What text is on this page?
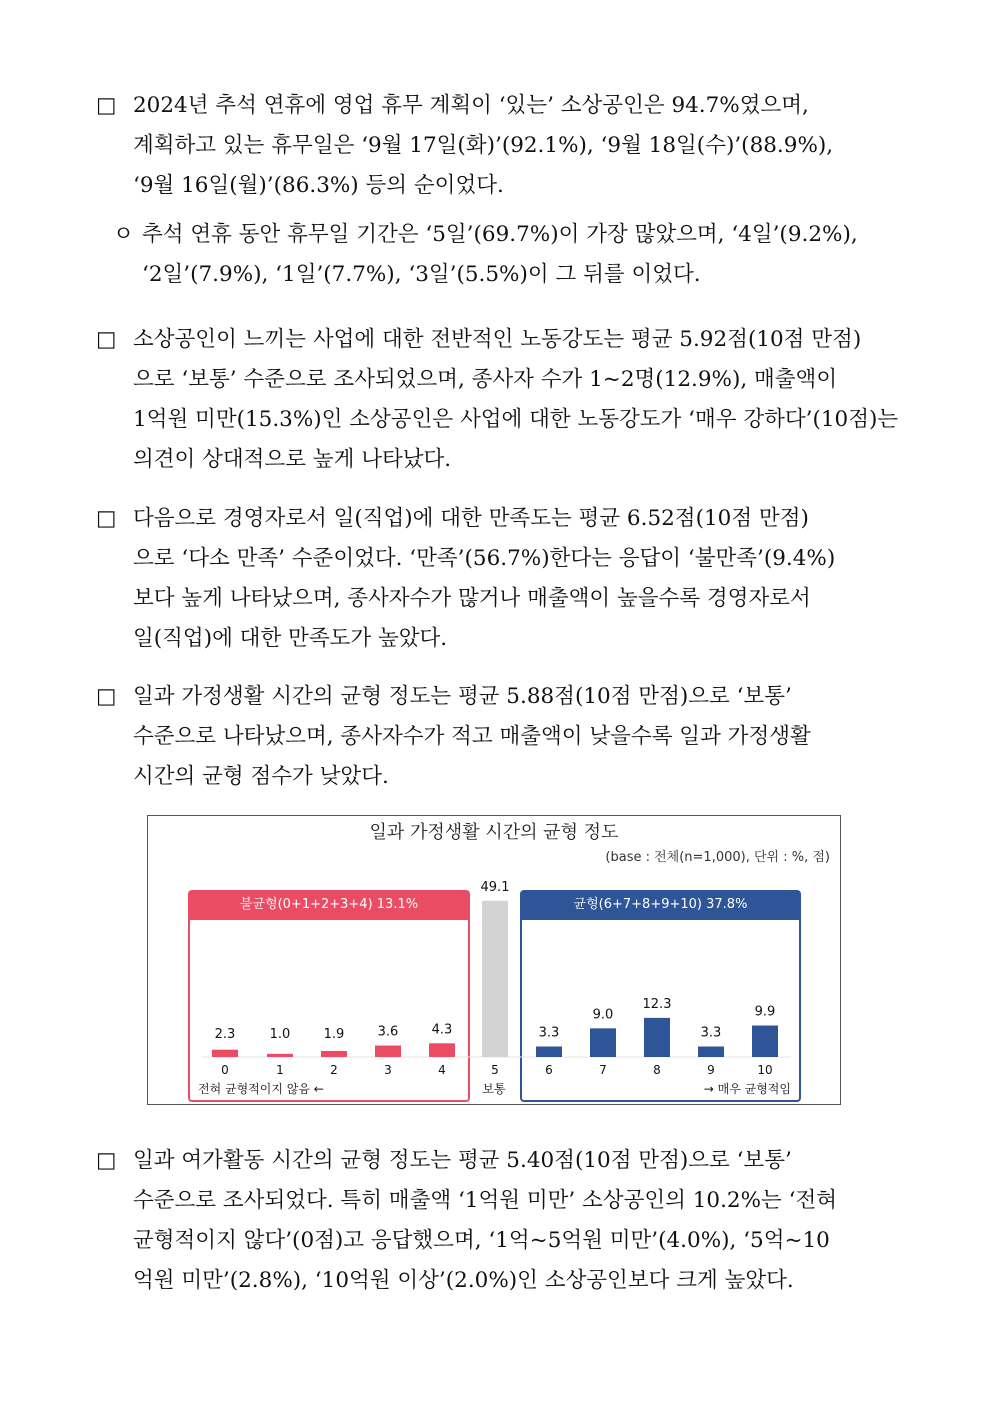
□ 2024년 추석 연휴에 영업 휴무 계획이 ‘있는’ 소상공인은 94.7%였으며,
계획하고 있는 휴무일은 ‘9월 17일(화)’(92.1%), ‘9월 18일(수)’(88.9%),
‘9월 16일(월)’(86.3%) 등의 순이었다.
ㅇ 추석 연휴 동안 휴무일 기간은 ‘5일’(69.7%)이 가장 많았으며, ‘4일’(9.2%),
‘2일’(7.9%), ‘1일’(7.7%), ‘3일’(5.5%)이 그 뒤를 이었다.
□ 소상공인이 느끼는 사업에 대한 전반적인 노동강도는 평균 5.92점(10점 만점)
으로 ‘보통’ 수준으로 조사되었으며, 종사자 수가 1~2명(12.9%), 매출액이
1억원 미만(15.3%)인 소상공인은 사업에 대한 노동강도가 ‘매우 강하다’(10점)는
의견이 상대적으로 높게 나타났다.
□ 다음으로 경영자로서 일(직업)에 대한 만족도는 평균 6.52점(10점 만점)
으로 ‘다소 만족’ 수준이었다. ‘만족’(56.7%)한다는 응답이 ‘불만족’(9.4%)
보다 높게 나타났으며, 종사자수가 많거나 매출액이 높을수록 경영자로서
일(직업)에 대한 만족도가 높았다.
□ 일과 가정생활 시간의 균형 정도는 평균 5.88점(10점 만점)으로 ‘보통’
수준으로 나타났으며, 종사자수가 적고 매출액이 낮을수록 일과 가정생활
시간의 균형 점수가 낮았다.
일과 가정생활 시간의 균형 정도
(base : 전체(n=1,000), 단위 : %, 점)
불균형(0+1+2+3+4) 13.1%	균형(6+7+8+9+10) 37.8%
전혀 균형적이지 않음 ←	보통	→ 매우 균형적임
2.3
0
1.0
1
1.9
2
3.6
3
4.3
4
49.1
5
3.3
6
9.0
7
12.3
8
3.3
9
9.9
10
□ 일과 여가활동 시간의 균형 정도는 평균 5.40점(10점 만점)으로 ‘보통’
수준으로 조사되었다. 특히 매출액 ‘1억원 미만’ 소상공인의 10.2%는 ‘전혀
균형적이지 않다’(0점)고 응답했으며, ‘1억~5억원 미만’(4.0%), ‘5억~10
억원 미만’(2.8%), ‘10억원 이상’(2.0%)인 소상공인보다 크게 높았다.
